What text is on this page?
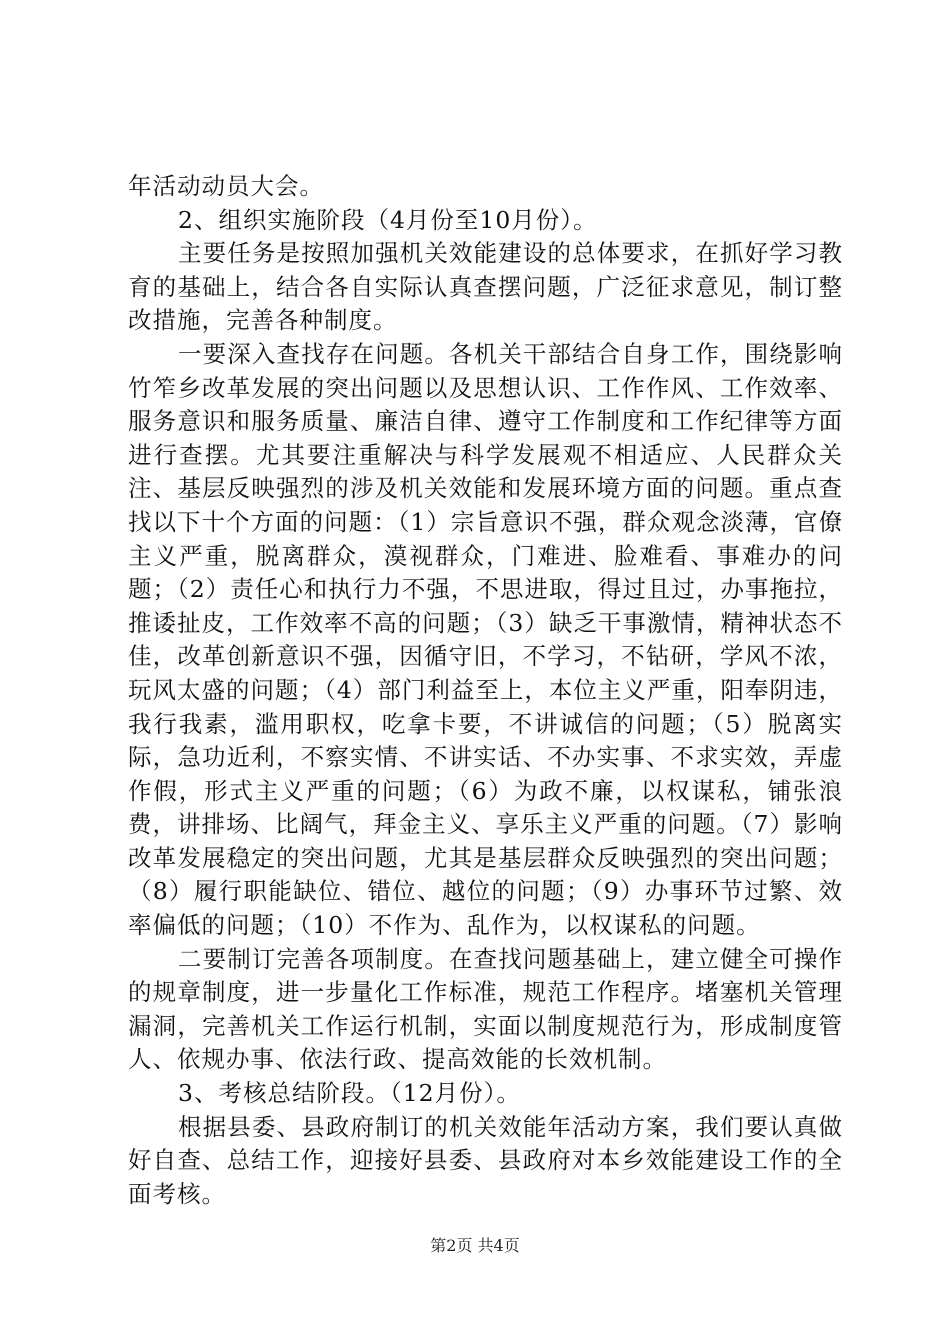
年活动动员大会。

2、组织实施阶段（4月份至10月份）。

主要任务是按照加强机关效能建设的总体要求，在抓好学习教育的基础上，结合各自实际认真查摆问题，广泛征求意见，制订整改措施，完善各种制度。

一要深入查找存在问题。各机关干部结合自身工作，围绕影响竹笮乡改革发展的突出问题以及思想认识、工作作风、工作效率、服务意识和服务质量、廉洁自律、遵守工作制度和工作纪律等方面进行查摆。尤其要注重解决与科学发展观不相适应、人民群众关注、基层反映强烈的涉及机关效能和发展环境方面的问题。重点查找以下十个方面的问题：（1）宗旨意识不强，群众观念淡薄，官僚主义严重，脱离群众，漠视群众，门难进、脸难看、事难办的问题；（2）责任心和执行力不强，不思进取，得过且过，办事拖拉，推诿扯皮，工作效率不高的问题；（3）缺乏干事激情，精神状态不佳，改革创新意识不强，因循守旧，不学习，不钻研，学风不浓，玩风太盛的问题；（4）部门利益至上，本位主义严重，阳奉阴违，我行我素，滥用职权，吃拿卡要，不讲诚信的问题；（5）脱离实际，急功近利，不察实情、不讲实话、不办实事、不求实效，弄虚作假，形式主义严重的问题；（6）为政不廉，以权谋私，铺张浪费，讲排场、比阔气，拜金主义、享乐主义严重的问题。（7）影响改革发展稳定的突出问题，尤其是基层群众反映强烈的突出问题；（8）履行职能缺位、错位、越位的问题；（9）办事环节过繁、效率偏低的问题；（10）不作为、乱作为，以权谋私的问题。

二要制订完善各项制度。在查找问题基础上，建立健全可操作的规章制度，进一步量化工作标准，规范工作程序。堵塞机关管理漏洞，完善机关工作运行机制，实面以制度规范行为，形成制度管人、依规办事、依法行政、提高效能的长效机制。

3、考核总结阶段。（12月份）。

根据县委、县政府制订的机关效能年活动方案，我们要认真做好自查、总结工作，迎接好县委、县政府对本乡效能建设工作的全面考核。

第2页 共4页
